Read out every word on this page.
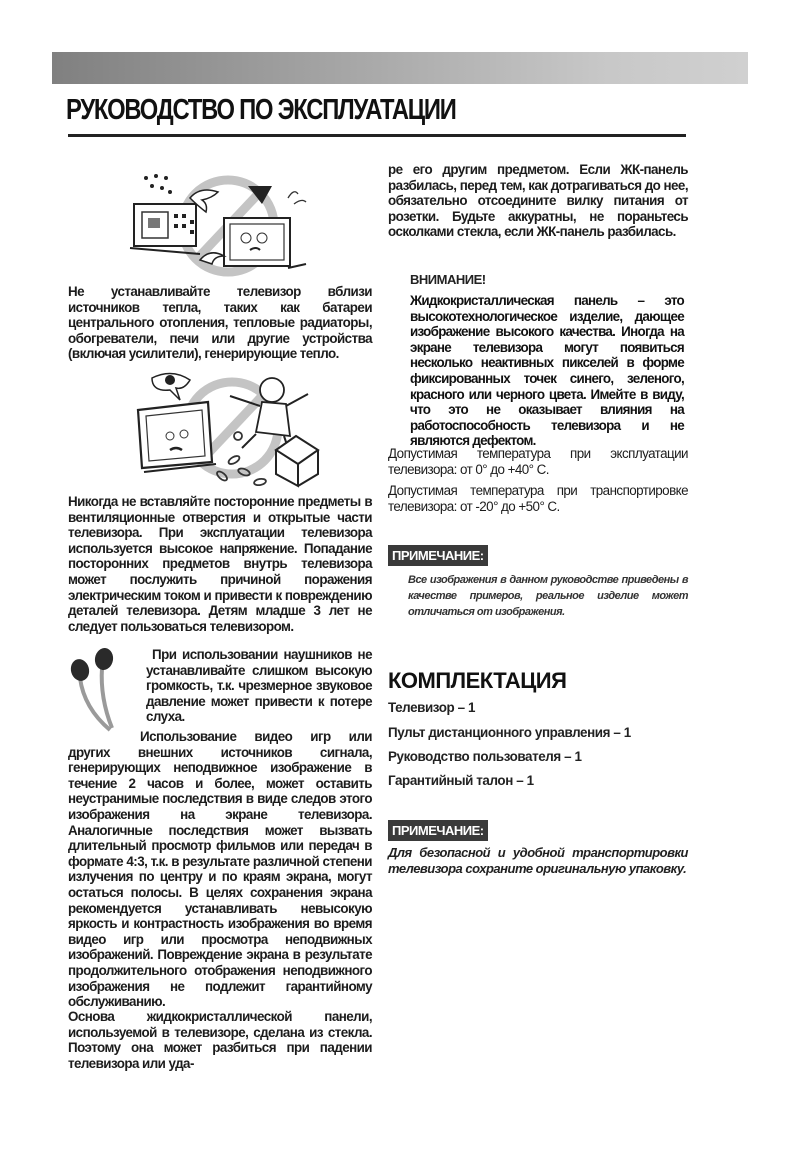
РУКОВОДСТВО ПО ЭКСПЛУАТАЦИИ

Не устанавливайте телевизор вблизи источников тепла, таких как батареи центрального отопления, тепловые радиаторы, обогреватели, печи или другие устройства (включая усилители), генерирующие тепло.

Никогда не вставляйте посторонние предметы в вентиляционные отверстия и открытые части телевизора. При эксплуатации телевизора используется высокое напряжение. Попадание посторонних предметов внутрь телевизора может послужить причиной поражения электрическим током и привести к повреждению деталей телевизора. Детям младше 3 лет не следует пользоваться телевизором.

При использовании наушников не устанавливайте слишком высокую громкость, т.к. чрезмерное звуковое давление может привести к потере слуха.

Использование видео игр или других внешних источников сигнала, генерирующих неподвижное изображение в течение 2 часов и более, может оставить неустранимые последствия в виде следов этого изображения на экране телевизора. Аналогичные последствия может вызвать длительный просмотр фильмов или передач в формате 4:3, т.к. в результате различной степени излучения по центру и по краям экрана, могут остаться полосы. В целях сохранения экрана рекомендуется устанавливать невысокую яркость и контрастность изображения во время видео игр или просмотра неподвижных изображений. Повреждение экрана в результате продолжительного отображения неподвижного изображения не подлежит гарантийному обслуживанию.

Основа жидкокристаллической панели, используемой в телевизоре, сделана из стекла. Поэтому она может разбиться при падении телевизора или уда-

ре его другим предметом. Если ЖК-панель разбилась, перед тем, как дотрагиваться до нее, обязательно отсоедините вилку питания от розетки. Будьте аккуратны, не пораньтесь осколками стекла, если ЖК-панель разбилась.

ВНИМАНИЕ!

Жидкокристаллическая панель – это высокотехнологическое изделие, дающее изображение высокого качества. Иногда на экране телевизора могут появиться несколько неактивных пикселей в форме фиксированных точек синего, зеленого, красного или черного цвета. Имейте в виду, что это не оказывает влияния на работоспособность телевизора и не являются дефектом.

Допустимая температура при эксплуатации телевизора: от 0° до +40° С.

Допустимая температура при транспортировке телевизора: от -20° до +50° С.

ПРИМЕЧАНИЕ:

Все изображения в данном руководстве приведены в качестве примеров, реальное изделие может отличаться от изображения.

КОМПЛЕКТАЦИЯ

Телевизор – 1

Пульт дистанционного управления – 1

Руководство пользователя – 1

Гарантийный талон – 1

ПРИМЕЧАНИЕ:

Для безопасной и удобной транспортировки телевизора сохраните оригинальную упаковку.
